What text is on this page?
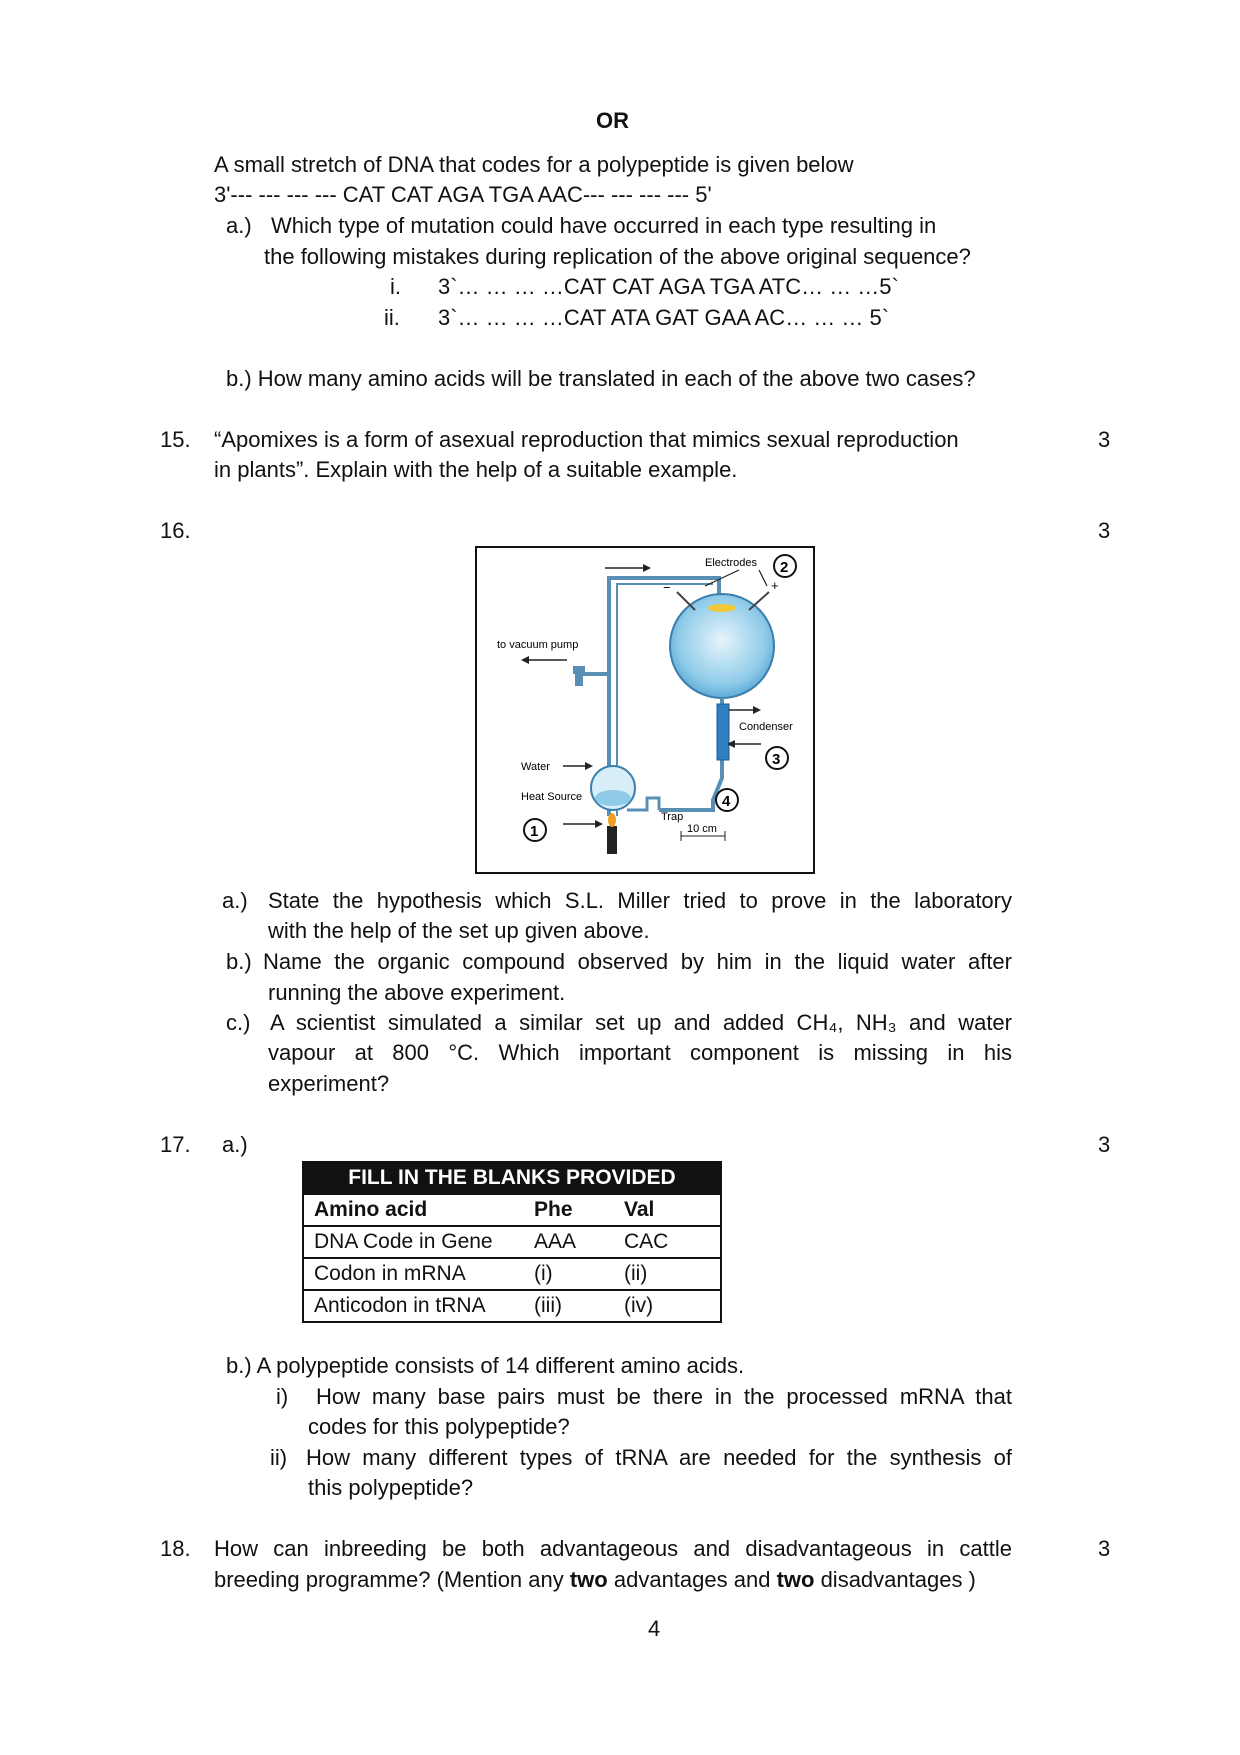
OR
A small stretch of DNA that codes for a polypeptide is given below
3'--- --- --- --- CAT CAT AGA TGA AAC--- --- --- --- 5'
a.) Which type of mutation could have occurred in each type resulting in
the following mistakes during replication of the above original sequence?
i. 3`… … … …CAT CAT AGA TGA ATC… … …5`
ii. 3`… … … …CAT ATA GAT GAA AC… … … 5`
b.) How many amino acids will be translated in each of the above two cases?
15. “Apomixes is a form of asexual reproduction that mimics sexual reproduction
in plants”. Explain with the help of a suitable example.
3
16.	3
−	+
Electrodes 2
Condenser
3
Trap
4
to vacuum pump
Water
Heat Source
1	10 cm
a.) State the hypothesis which S.L. Miller tried to prove in the laboratory
with the help of the set up given above.
b.) Name the organic compound observed by him in the liquid water after
running the above experiment.
c.) A scientist simulated a similar set up and added CH₄, NH₃ and water
vapour at 800 °C. Which important component is missing in his
experiment?
17. a.)	3
FILL IN THE BLANKS PROVIDED		
Amino acid	Phe	Val
DNA Code in Gene	AAA	CAC
Codon in mRNA	(i)	(ii)
Anticodon in tRNA	(iii)	(iv)
b.) A polypeptide consists of 14 different amino acids.
i) How many base pairs must be there in the processed mRNA that
codes for this polypeptide?
ii) How many different types of tRNA are needed for the synthesis of
this polypeptide?
18. How can inbreeding be both advantageous and disadvantageous in cattle
breeding programme? (Mention any two advantages and two disadvantages )
3
4
